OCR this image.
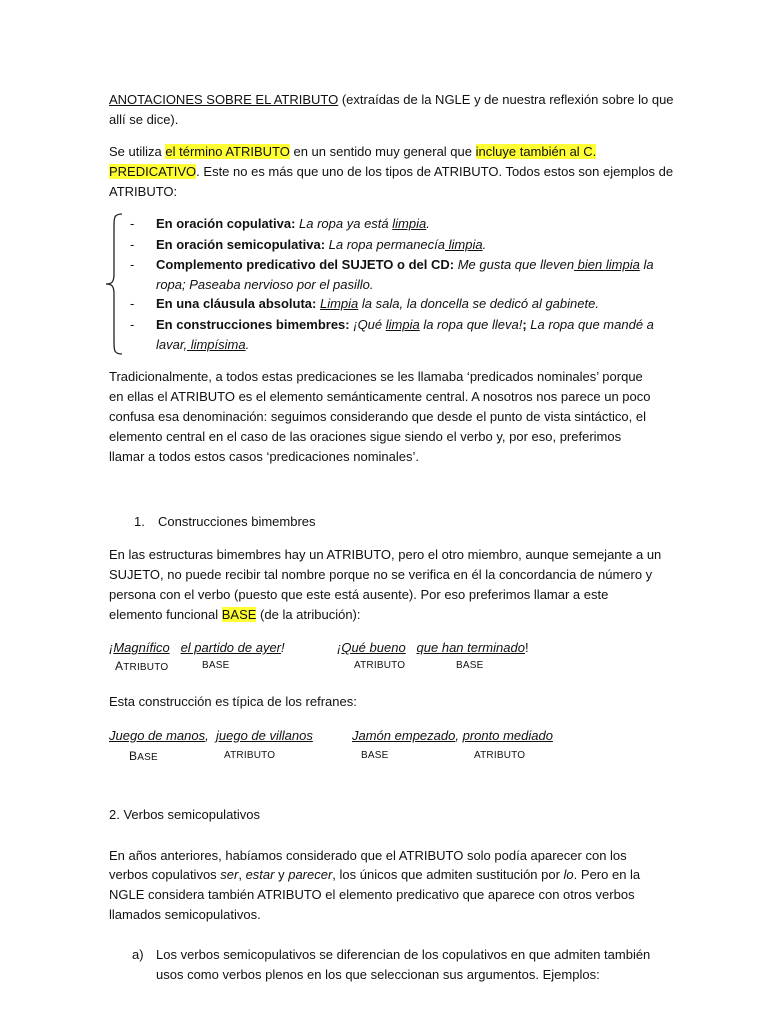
ANOTACIONES SOBRE EL ATRIBUTO (extraídas de la NGLE y de nuestra reflexión sobre lo que
allí se dice).
Se utiliza el término ATRIBUTO en un sentido muy general que incluye también al C.
PREDICATIVO. Este no es más que uno de los tipos de ATRIBUTO. Todos estos son ejemplos de
ATRIBUTO:
- En oración copulativa: La ropa ya está limpia.
- En oración semicopulativa: La ropa permanecía limpia.
- Complemento predicativo del SUJETO o del CD: Me gusta que lleven bien limpia la
ropa; Paseaba nervioso por el pasillo.
- En una cláusula absoluta: Limpia la sala, la doncella se dedicó al gabinete.
- En construcciones bimembres: ¡Qué limpia la ropa que lleva!; La ropa que mandé a
lavar, limpísima.
Tradicionalmente, a todos estas predicaciones se les llamaba ‘predicados nominales’ porque
en ellas el ATRIBUTO es el elemento semánticamente central. A nosotros nos parece un poco
confusa esa denominación: seguimos considerando que desde el punto de vista sintáctico, el
elemento central en el caso de las oraciones sigue siendo el verbo y, por eso, preferimos
llamar a todos estos casos ‘predicaciones nominales’.
1. Construcciones bimembres
En las estructuras bimembres hay un ATRIBUTO, pero el otro miembro, aunque semejante a un
SUJETO, no puede recibir tal nombre porque no se verifica en él la concordancia de número y
persona con el verbo (puesto que este está ausente). Por eso preferimos llamar a este
elemento funcional BASE (de la atribución):
¡Magnífico el partido de ayer!
ATRIBUTO	BASE
¡Qué bueno que han terminado!
ATRIBUTO	BASE
Esta construcción es típica de los refranes:
Juego de manos, juego de villanos
BASE	ATRIBUTO
Jamón empezado, pronto mediado
BASE	ATRIBUTO
2. Verbos semicopulativos
En años anteriores, habíamos considerado que el ATRIBUTO solo podía aparecer con los
verbos copulativos ser, estar y parecer, los únicos que admiten sustitución por lo. Pero en la
NGLE considera también ATRIBUTO el elemento predicativo que aparece con otros verbos
llamados semicopulativos.
a) Los verbos semicopulativos se diferencian de los copulativos en que admiten también
usos como verbos plenos en los que seleccionan sus argumentos. Ejemplos:
